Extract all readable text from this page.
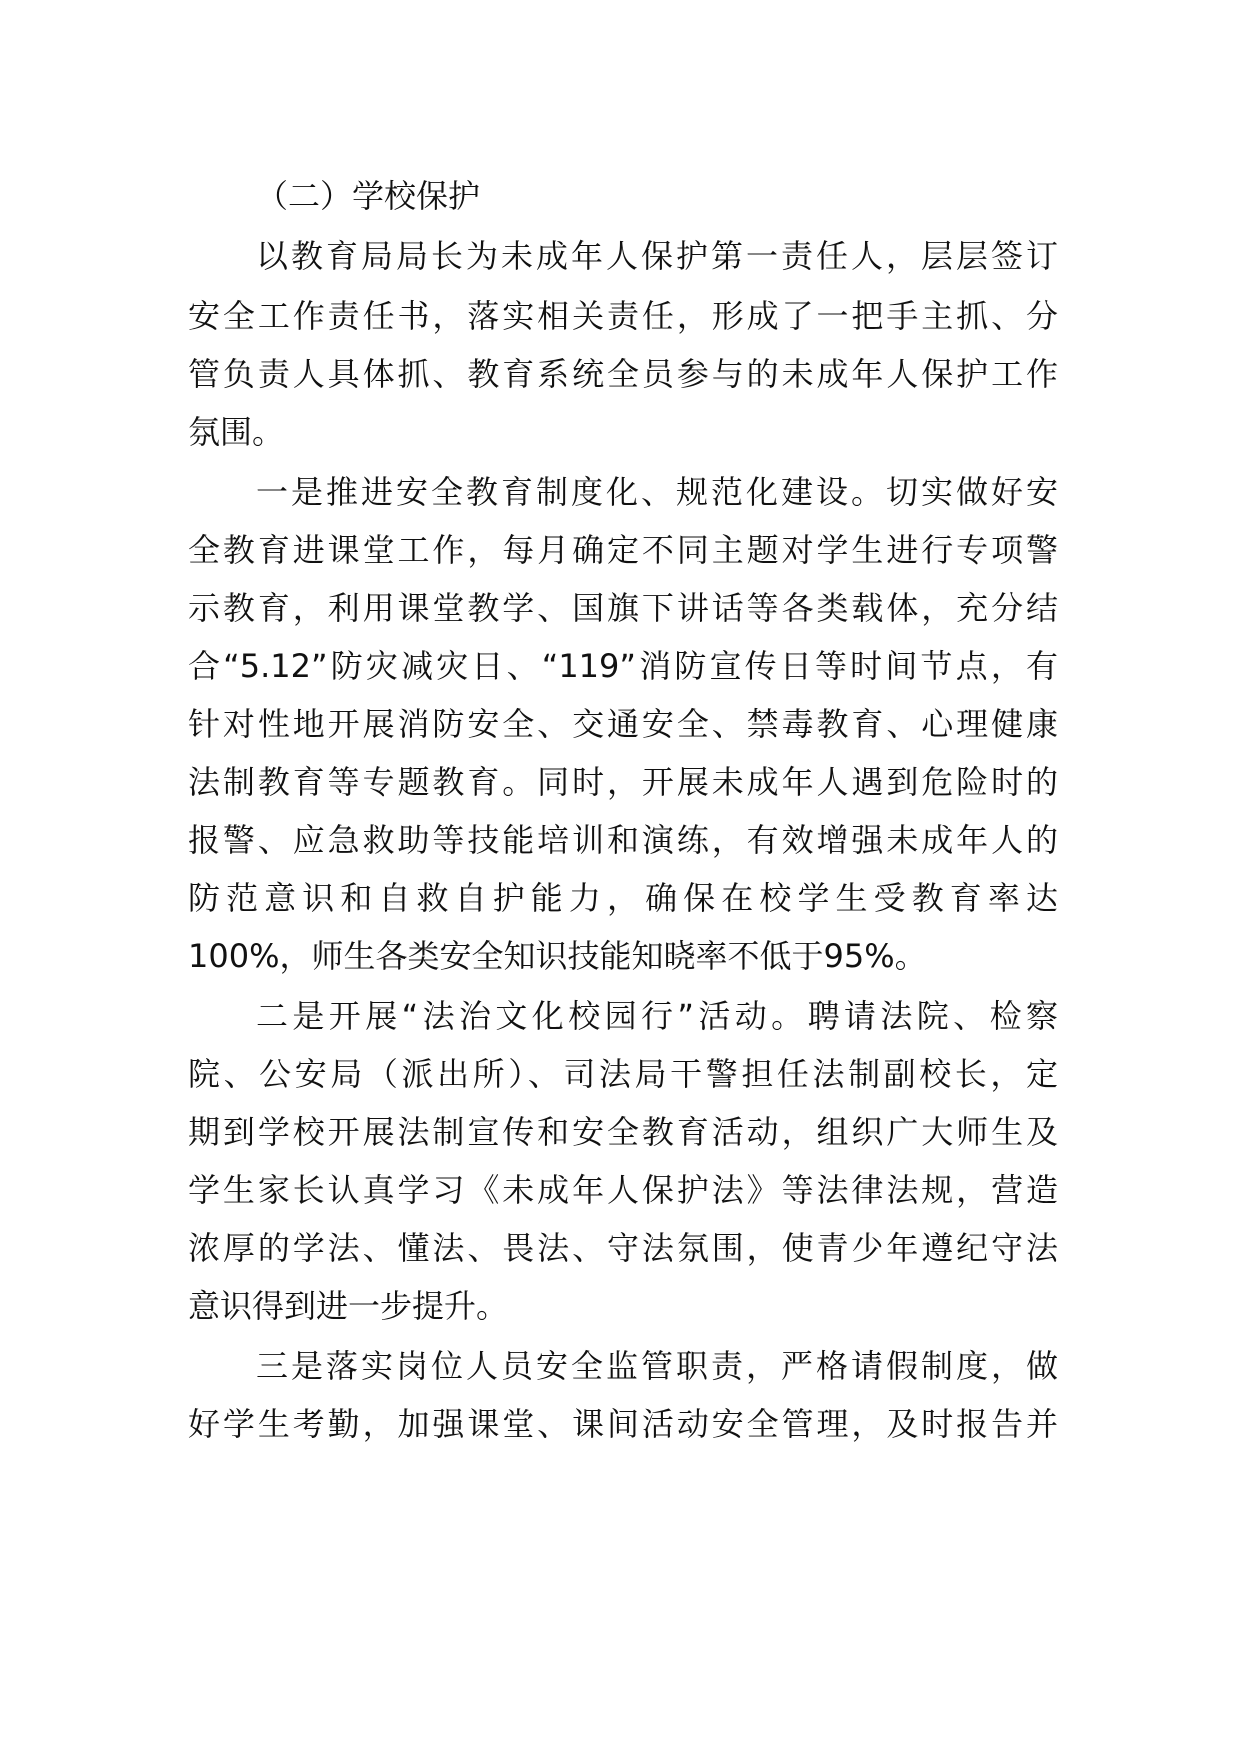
（二）学校保护
以教育局局长为未成年人保护第一责任人，层层签订
安全工作责任书，落实相关责任，形成了一把手主抓、分
管负责人具体抓、教育系统全员参与的未成年人保护工作
氛围。
一是推进安全教育制度化、规范化建设。切实做好安
全教育进课堂工作，每月确定不同主题对学生进行专项警
示教育，利用课堂教学、国旗下讲话等各类载体，充分结
合“5.12”防灾减灾日、“119”消防宣传日等时间节点，有
针对性地开展消防安全、交通安全、禁毒教育、心理健康
法制教育等专题教育。同时，开展未成年人遇到危险时的
报警、应急救助等技能培训和演练，有效增强未成年人的
防范意识和自救自护能力，确保在校学生受教育率达
100%，师生各类安全知识技能知晓率不低于95%。
二是开展“法治文化校园行”活动。聘请法院、检察
院、公安局（派出所）、司法局干警担任法制副校长，定
期到学校开展法制宣传和安全教育活动，组织广大师生及
学生家长认真学习《未成年人保护法》等法律法规，营造
浓厚的学法、懂法、畏法、守法氛围，使青少年遵纪守法
意识得到进一步提升。
三是落实岗位人员安全监管职责，严格请假制度，做
好学生考勤，加强课堂、课间活动安全管理，及时报告并
